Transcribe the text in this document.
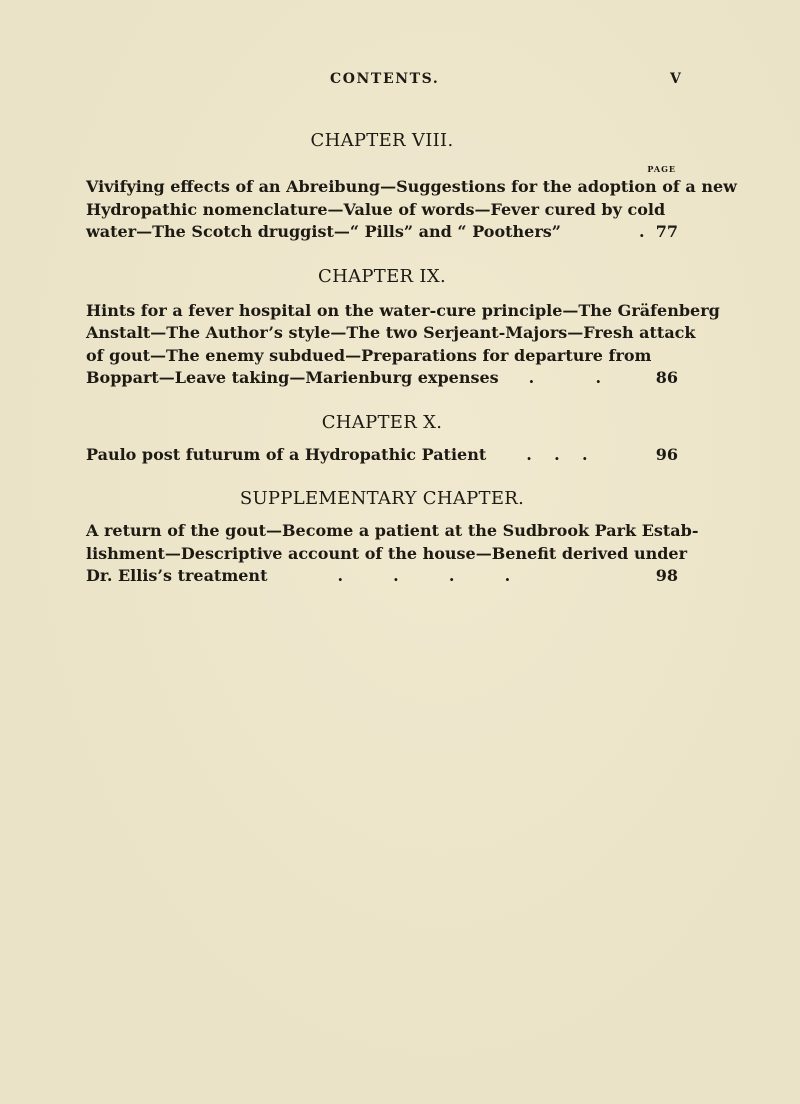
CONTENTS.	V
CHAPTER VIII.
PAGE
Vivifying effects of an Abreibung—Suggestions for the adoption of a new
Hydropathic nomenclature—Value of words—Fever cured by cold
water—The Scotch druggist—“ Pills” and “ Poothers”	. 77
CHAPTER IX.
Hints for a fever hospital on the water-cure principle—The Gräfenberg
Anstalt—The Author’s style—The two Serjeant-Majors—Fresh attack
of gout—The enemy subdued—Preparations for departure from
Boppart—Leave taking—Marienburg expenses .           .	86
CHAPTER X.
Paulo post futurum of a Hydropathic Patient	.    .    .	96
SUPPLEMENTARY CHAPTER.
A return of the gout—Become a patient at the Sudbrook Park Estab-
lishment—Descriptive account of the house—Benefit derived under
Dr. Ellis’s treatment	.         .         .         .	98
